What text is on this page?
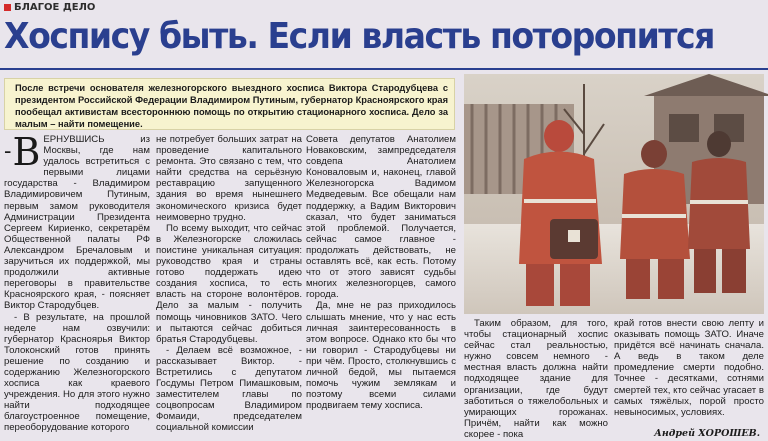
БЛАГОЕ ДЕЛО
Хоспису быть. Если власть поторопится
После встречи основателя железногорского выездного хосписа Виктора Стародубцева с президентом Российской Федерации Владимиром Путиным, губернатор Красноярского края пообещал активистам всестороннюю помощь по открытию стационарного хосписа. Дело за малым – найти помещение.

-В ЕРНУВШИСЬ из Москвы, где нам удалось встретиться с первыми лицами государства - Владимиром Владимировичем Путиным, первым замом руководителя Администрации Президента Сергеем Кириенко, секретарём Общественной палаты РФ Александром Бречаловым и заручиться их поддержкой, мы продолжили активные переговоры в правительстве Красноярского края, - поясняет Виктор Стародубцев.

- В результате, на прошлой неделе нам озвучили: губернатор Красноярья Виктор Толоконский готов принять решение по созданию и содержанию Железногорского хосписа как краевого учреждения. Но для этого нужно найти подходящее благоустроенное помещение, переоборудование которого

не потребует больших затрат на проведение капитального ремонта. Это связано с тем, что найти средства на серьёзную реставрацию запущенного здания во время нынешнего экономического кризиса будет неимоверно трудно.

По всему выходит, что сейчас в Железногорске сложилась поистине уникальная ситуация: руководство края и страны готово поддержать идею создания хосписа, то есть власть на стороне волонтёров. Дело за малым - получить помощь чиновников ЗАТО. Чего и пытаются сейчас добиться братья Стародубцевы.

- Делаем всё возможное, - рассказывает Виктор. - Встретились с депутатом Госдумы Петром Пимашковым, заместителем главы по соцвопросам Владимиром Фомаиди, председателем социальной комиссии

Совета депутатов Анатолием Новаковским, зампредседателя совдепа Анатолием Коноваловым и, наконец, главой Железногорска Вадимом Медведевым. Все обещали нам поддержку, а Вадим Викторович сказал, что будет заниматься этой проблемой. Получается, сейчас самое главное - продолжать действовать, не оставлять всё, как есть. Потому что от этого зависят судьбы многих железногорцев, самого города.

Да, мне не раз приходилось слышать мнение, что у нас есть личная заинтересованность в этом вопросе. Однако кто бы что ни говорил - Стародубцевы ни при чём. Просто, столкнувшись с личной бедой, мы пытаемся помочь чужим землякам и поэтому всеми силами продвигаем тему хосписа.

Таким образом, для того, чтобы стационарный хоспис сейчас стал реальностью, нужно совсем немного - местная власть должна найти подходящее здание для организации, где будут заботиться о тяжелобольных и умирающих горожанах. Причём, найти как можно скорее - пока

край готов внести свою лепту и оказывать помощь ЗАТО. Иначе придётся всё начинать сначала. А ведь в таком деле промедление смерти подобно. Точнее - десятками, сотнями смертей тех, кто сейчас угасает в самых тяжёлых, порой просто невыносимых, условиях.

Андрей ХОРОШЕВ.
